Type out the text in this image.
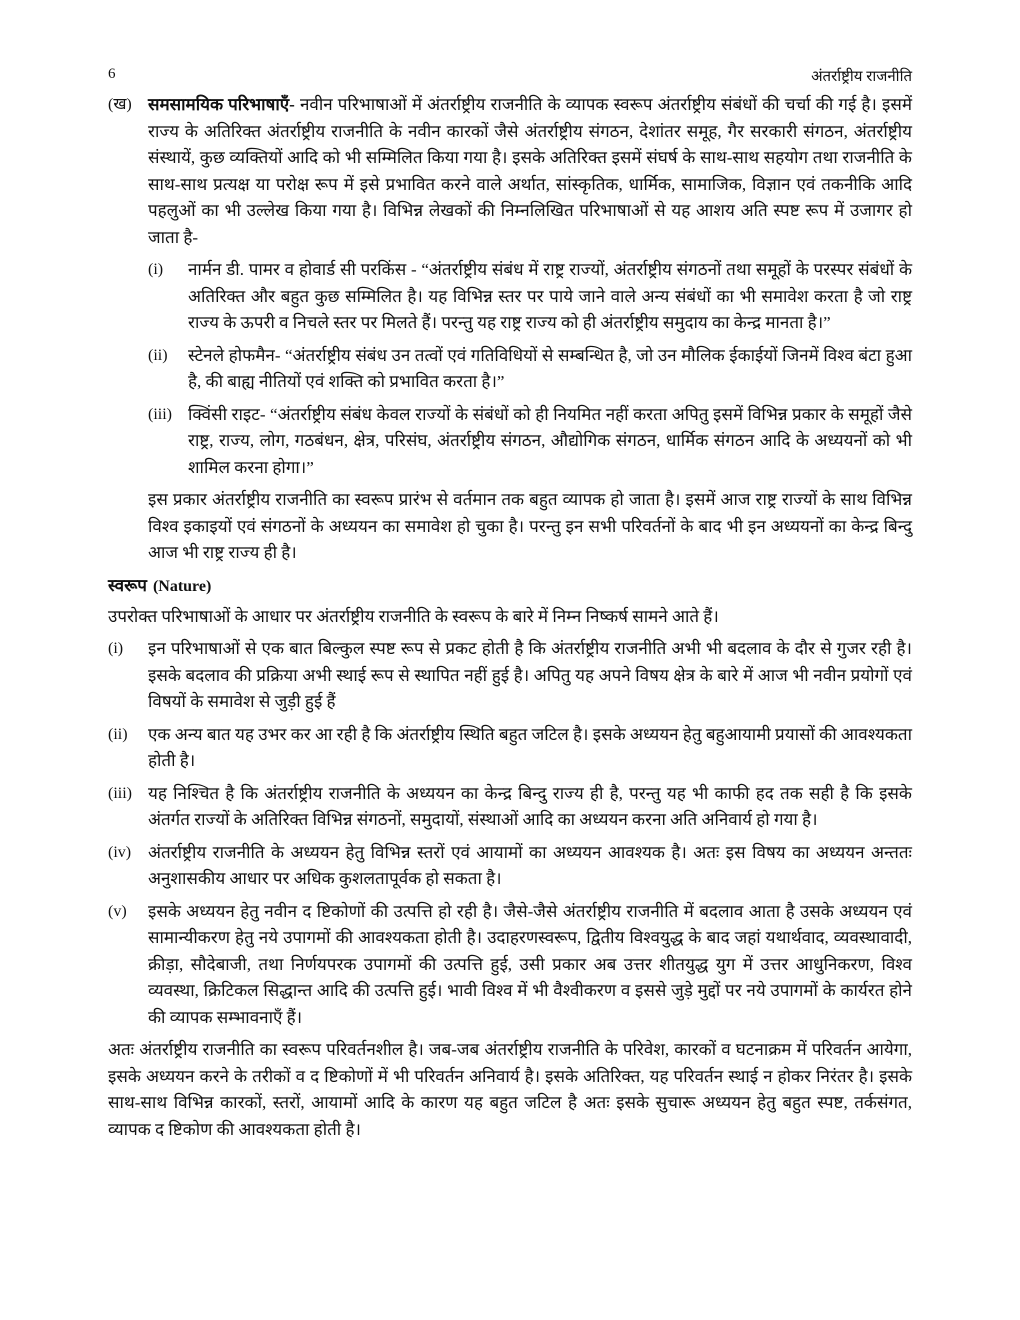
6	अंतर्राष्ट्रीय राजनीति
(ख) समसामयिक परिभाषाएँ- नवीन परिभाषाओं में अंतर्राष्ट्रीय राजनीति के व्यापक स्वरूप अंतर्राष्ट्रीय संबंधों की चर्चा की गई है। इसमें राज्य के अतिरिक्त अंतर्राष्ट्रीय राजनीति के नवीन कारकों जैसे अंतर्राष्ट्रीय संगठन, देशांतर समूह, गैर सरकारी संगठन, अंतर्राष्ट्रीय संस्थायें, कुछ व्यक्तियों आदि को भी सम्मिलित किया गया है। इसके अतिरिक्त इसमें संघर्ष के साथ-साथ सहयोग तथा राजनीति के साथ-साथ प्रत्यक्ष या परोक्ष रूप में इसे प्रभावित करने वाले अर्थात, सांस्कृतिक, धार्मिक, सामाजिक, विज्ञान एवं तकनीकि आदि पहलुओं का भी उल्लेख किया गया है। विभिन्न लेखकों की निम्नलिखित परिभाषाओं से यह आशय अति स्पष्ट रूप में उजागर हो जाता है-

(i)	नार्मन डी. पामर व होवार्ड सी परकिंस - “अंतर्राष्ट्रीय संबंध में राष्ट्र राज्यों, अंतर्राष्ट्रीय संगठनों तथा समूहों के परस्पर संबंधों के अतिरिक्त और बहुत कुछ सम्मिलित है। यह विभिन्न स्तर पर पाये जाने वाले अन्य संबंधों का भी समावेश करता है जो राष्ट्र राज्य के ऊपरी व निचले स्तर पर मिलते हैं। परन्तु यह राष्ट्र राज्य को ही अंतर्राष्ट्रीय समुदाय का केन्द्र मानता है।”

(ii)	स्टेनले होफमैन- “अंतर्राष्ट्रीय संबंध उन तत्वों एवं गतिविधियों से सम्बन्धित है, जो उन मौलिक ईकाईयों जिनमें विश्व बंटा हुआ है, की बाह्य नीतियों एवं शक्ति को प्रभावित करता है।”

(iii) क्विंसी राइट- “अंतर्राष्ट्रीय संबंध केवल राज्यों के संबंधों को ही नियमित नहीं करता अपितु इसमें विभिन्न प्रकार के समूहों जैसे राष्ट्र, राज्य, लोग, गठबंधन, क्षेत्र, परिसंघ, अंतर्राष्ट्रीय संगठन, औद्योगिक संगठन, धार्मिक संगठन आदि के अध्ययनों को भी शामिल करना होगा।”

इस प्रकार अंतर्राष्ट्रीय राजनीति का स्वरूप प्रारंभ से वर्तमान तक बहुत व्यापक हो जाता है। इसमें आज राष्ट्र राज्यों के साथ विभिन्न विश्व इकाइयों एवं संगठनों के अध्ययन का समावेश हो चुका है। परन्तु इन सभी परिवर्तनों के बाद भी इन अध्ययनों का केन्द्र बिन्दु आज भी राष्ट्र राज्य ही है।

स्वरूप (Nature)

उपरोक्त परिभाषाओं के आधार पर अंतर्राष्ट्रीय राजनीति के स्वरूप के बारे में निम्न निष्कर्ष सामने आते हैं।

(i)	इन परिभाषाओं से एक बात बिल्कुल स्पष्ट रूप से प्रकट होती है कि अंतर्राष्ट्रीय राजनीति अभी भी बदलाव के दौर से गुजर रही है। इसके बदलाव की प्रक्रिया अभी स्थाई रूप से स्थापित नहीं हुई है। अपितु यह अपने विषय क्षेत्र के बारे में आज भी नवीन प्रयोगों एवं विषयों के समावेश से जुड़ी हुई हैं

(ii)	एक अन्य बात यह उभर कर आ रही है कि अंतर्राष्ट्रीय स्थिति बहुत जटिल है। इसके अध्ययन हेतु बहुआयामी प्रयासों की आवश्यकता होती है।

(iii) यह निश्चित है कि अंतर्राष्ट्रीय राजनीति के अध्ययन का केन्द्र बिन्दु राज्य ही है, परन्तु यह भी काफी हद तक सही है कि इसके अंतर्गत राज्यों के अतिरिक्त विभिन्न संगठनों, समुदायों, संस्थाओं आदि का अध्ययन करना अति अनिवार्य हो गया है।

(iv) अंतर्राष्ट्रीय राजनीति के अध्ययन हेतु विभिन्न स्तरों एवं आयामों का अध्ययन आवश्यक है। अतः इस विषय का अध्ययन अन्ततः अनुशासकीय आधार पर अधिक कुशलतापूर्वक हो सकता है।

(v)	इसके अध्ययन हेतु नवीन द ष्टिकोणों की उत्पत्ति हो रही है। जैसे-जैसे अंतर्राष्ट्रीय राजनीति में बदलाव आता है उसके अध्ययन एवं सामान्यीकरण हेतु नये उपागमों की आवश्यकता होती है। उदाहरणस्वरूप, द्वितीय विश्वयुद्ध के बाद जहां यथार्थवाद, व्यवस्थावादी, क्रीड़ा, सौदेबाजी, तथा निर्णयपरक उपागमों की उत्पत्ति हुई, उसी प्रकार अब उत्तर शीतयुद्ध युग में उत्तर आधुनिकरण, विश्व व्यवस्था, क्रिटिकल सिद्धान्त आदि की उत्पत्ति हुई। भावी विश्व में भी वैश्वीकरण व इससे जुड़े मुद्दों पर नये उपागमों के कार्यरत होने की व्यापक सम्भावनाएँ हैं।

अतः अंतर्राष्ट्रीय राजनीति का स्वरूप परिवर्तनशील है। जब-जब अंतर्राष्ट्रीय राजनीति के परिवेश, कारकों व घटनाक्रम में परिवर्तन आयेगा, इसके अध्ययन करने के तरीकों व द ष्टिकोणों में भी परिवर्तन अनिवार्य है। इसके अतिरिक्त, यह परिवर्तन स्थाई न होकर निरंतर है। इसके साथ-साथ विभिन्न कारकों, स्तरों, आयामों आदि के कारण यह बहुत जटिल है अतः इसके सुचारू अध्ययन हेतु बहुत स्पष्ट, तर्कसंगत, व्यापक द ष्टिकोण की आवश्यकता होती है।
